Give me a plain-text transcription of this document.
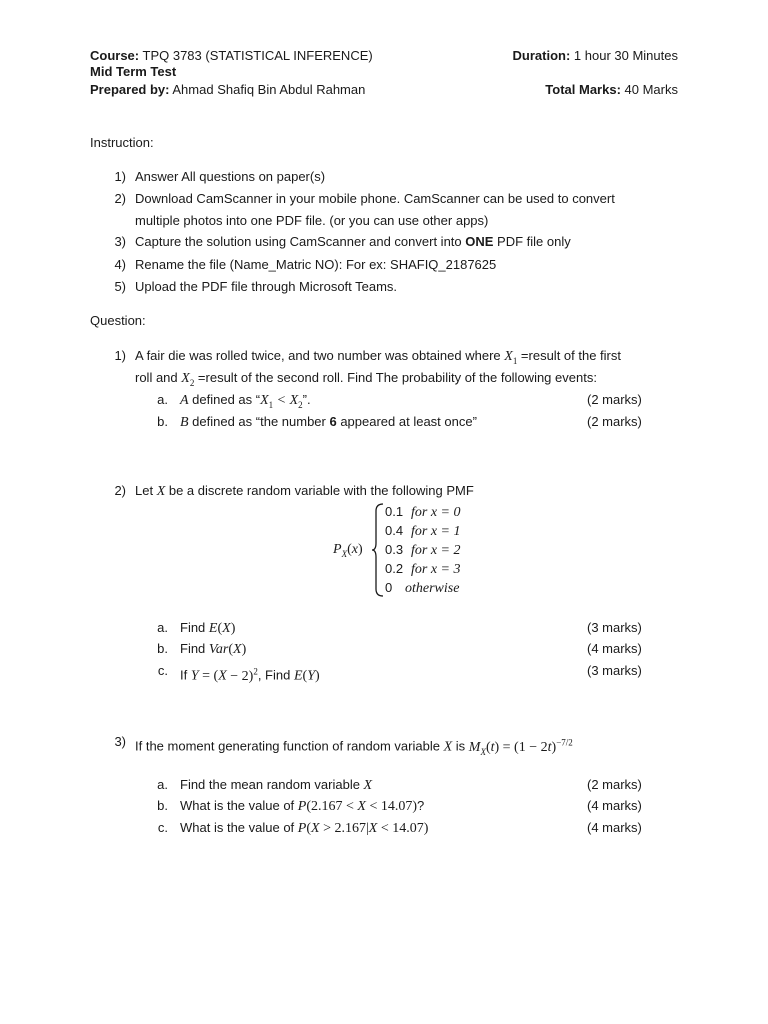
Course: TPQ 3783 (STATISTICAL INFERENCE)
Mid Term Test
Prepared by: Ahmad Shafiq Bin Abdul Rahman
Duration: 1 hour 30 Minutes
Total Marks: 40 Marks
Instruction:
1) Answer All questions on paper(s)
2) Download CamScanner in your mobile phone. CamScanner can be used to convert
multiple photos into one PDF file. (or you can use other apps)
3) Capture the solution using CamScanner and convert into ONE PDF file only
4) Rename the file (Name_Matric NO): For ex: SHAFIQ_2187625
5) Upload the PDF file through Microsoft Teams.
Question:
1) A fair die was rolled twice, and two number was obtained where $X_1$ =result of the first
roll and $X_2$ =result of the second roll. Find The probability of the following events:
a. A defined as “$X_1 < X_2$”.	(2 marks)
b. B defined as “the number 6 appeared at least once”	(2 marks)
2) Let X be a discrete random variable with the following PMF
$P_X(x)$
0.1 for x = 0
0.4 for x = 1
0.3 for x = 2
0.2 for x = 3
0 otherwise
a. Find E(X)	(3 marks)
b. Find Var(X)	(4 marks)
c. If $Y = (X - 2)^2$, Find E(Y)	(3 marks)
3) If the moment generating function of random variable X is $M_X(t) = (1 - 2t)^{-7/2}$
a. Find the mean random variable X	(2 marks)
b. What is the value of P(2.167 < X < 14.07)?	(4 marks)
c. What is the value of P(X > 2.167|X < 14.07)	(4 marks)
